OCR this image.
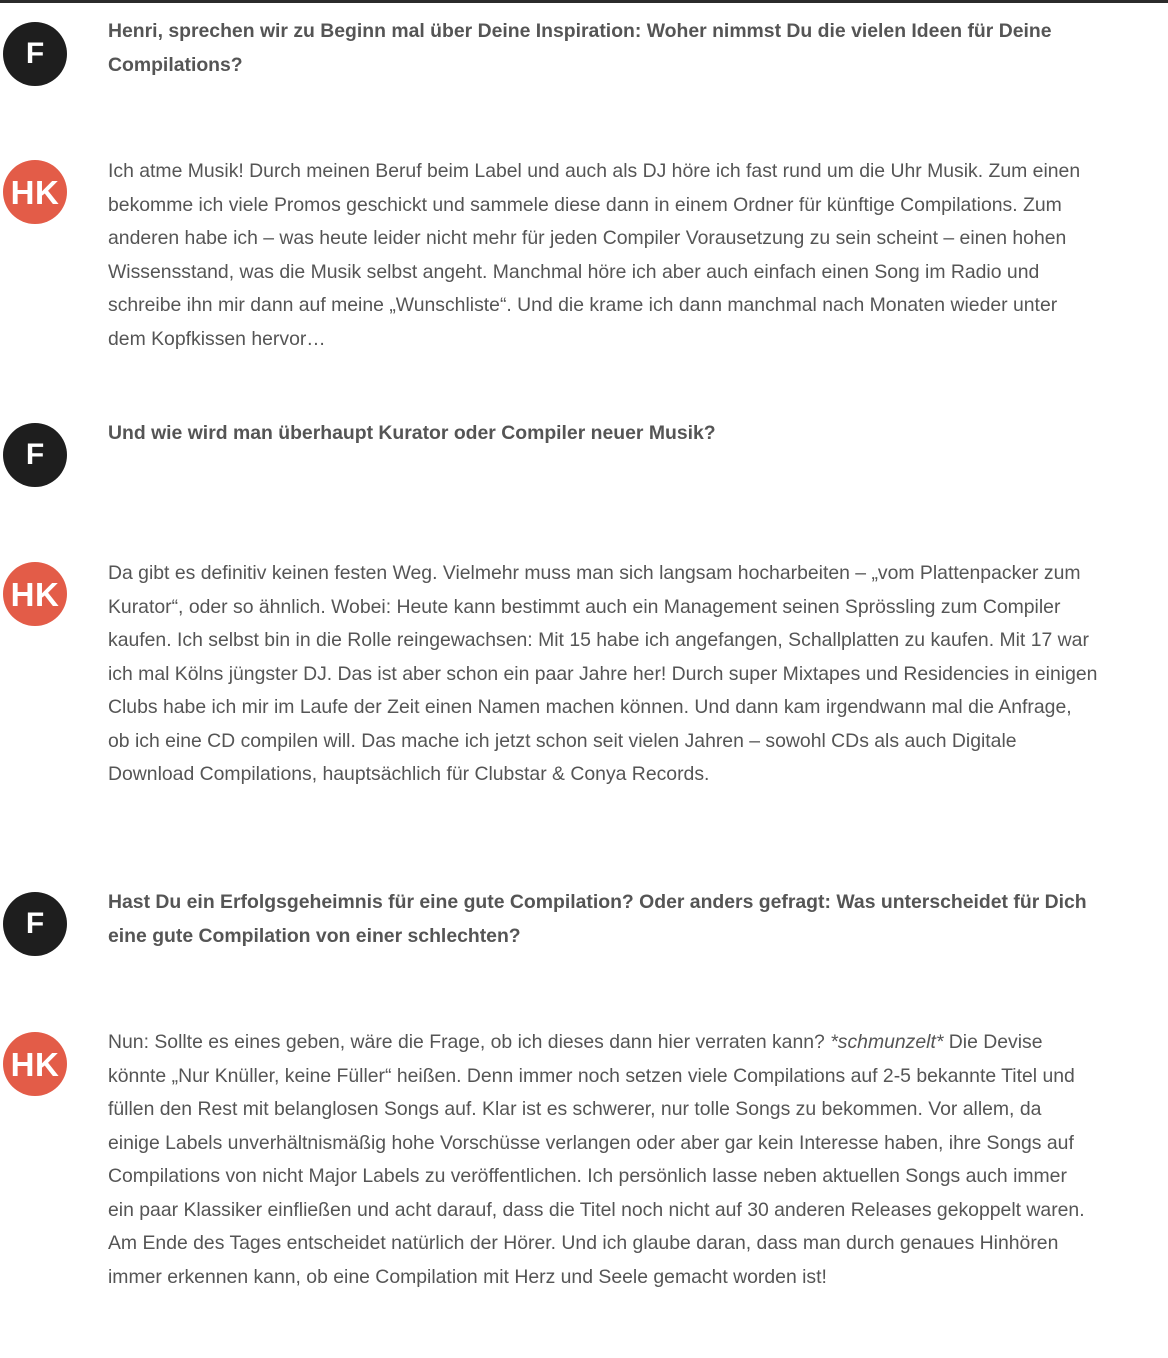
F

Henri, sprechen wir zu Beginn mal über Deine Inspiration: Woher nimmst Du die vielen Ideen für Deine Compilations?

HK

Ich atme Musik! Durch meinen Beruf beim Label und auch als DJ höre ich fast rund um die Uhr Musik. Zum einen bekomme ich viele Promos geschickt und sammele diese dann in einem Ordner für künftige Compilations. Zum anderen habe ich – was heute leider nicht mehr für jeden Compiler Vorausetzung zu sein scheint – einen hohen Wissensstand, was die Musik selbst angeht. Manchmal höre ich aber auch einfach einen Song im Radio und schreibe ihn mir dann auf meine „Wunschliste“. Und die krame ich dann manchmal nach Monaten wieder unter dem Kopfkissen hervor…

F

Und wie wird man überhaupt Kurator oder Compiler neuer Musik?

HK

Da gibt es definitiv keinen festen Weg. Vielmehr muss man sich langsam hocharbeiten – „vom Plattenpacker zum Kurator“, oder so ähnlich. Wobei: Heute kann bestimmt auch ein Management seinen Sprössling zum Compiler kaufen. Ich selbst bin in die Rolle reingewachsen: Mit 15 habe ich angefangen, Schallplatten zu kaufen. Mit 17 war ich mal Kölns jüngster DJ. Das ist aber schon ein paar Jahre her! Durch super Mixtapes und Residencies in einigen Clubs habe ich mir im Laufe der Zeit einen Namen machen können. Und dann kam irgendwann mal die Anfrage, ob ich eine CD compilen will. Das mache ich jetzt schon seit vielen Jahren – sowohl CDs als auch Digitale Download Compilations, hauptsächlich für Clubstar & Conya Records.

F

Hast Du ein Erfolgsgeheimnis für eine gute Compilation? Oder anders gefragt: Was unterscheidet für Dich eine gute Compilation von einer schlechten?

HK

Nun: Sollte es eines geben, wäre die Frage, ob ich dieses dann hier verraten kann? *schmunzelt* Die Devise könnte „Nur Knüller, keine Füller“ heißen. Denn immer noch setzen viele Compilations auf 2-5 bekannte Titel und füllen den Rest mit belanglosen Songs auf. Klar ist es schwerer, nur tolle Songs zu bekommen. Vor allem, da einige Labels unverhältnismäßig hohe Vorschüsse verlangen oder aber gar kein Interesse haben, ihre Songs auf Compilations von nicht Major Labels zu veröffentlichen. Ich persönlich lasse neben aktuellen Songs auch immer ein paar Klassiker einfließen und acht darauf, dass die Titel noch nicht auf 30 anderen Releases gekoppelt waren. Am Ende des Tages entscheidet natürlich der Hörer. Und ich glaube daran, dass man durch genaues Hinhören immer erkennen kann, ob eine Compilation mit Herz und Seele gemacht worden ist!
